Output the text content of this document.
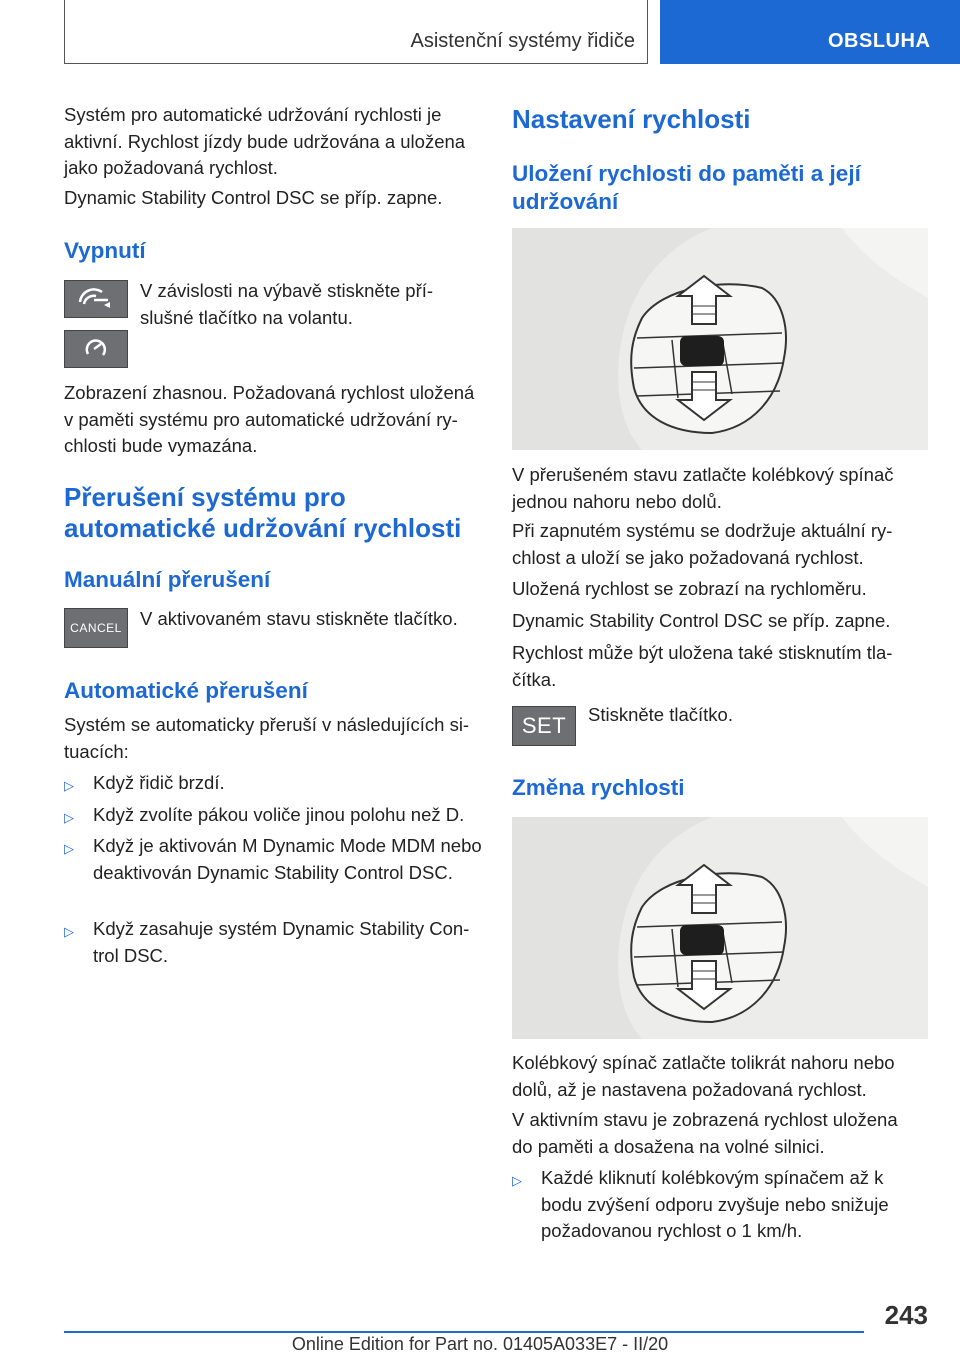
Asistenční systémy řidiče	OBSLUHA

Systém pro automatické udržování rychlosti je aktivní. Rychlost jízdy bude udržována a uložena jako požadovaná rychlost.

Dynamic Stability Control DSC se příp. zapne.

Vypnutí

V závislosti na výbavě stiskněte pří-slušné tlačítko na volantu.

Zobrazení zhasnou. Požadovaná rychlost uložená v paměti systému pro automatické udržování ry-chlosti bude vymazána.

Přerušení systému pro automatické udržování rychlosti
Manuální přerušení
CANCEL V aktivovaném stavu stiskněte tlačítko.

Automatické přerušení

Systém se automaticky přeruší v následujících si-tuacích:

▷	Když řidič brzdí.
▷	Když zvolíte pákou voliče jinou polohu než D.
▷	Když je aktivován M Dynamic Mode MDM nebo deaktivován Dynamic Stability Control DSC.
▷	Když zasahuje systém Dynamic Stability Con-trol DSC.
Nastavení rychlosti
Uložení rychlosti do paměti a její udržování

V přerušeném stavu zatlačte kolébkový spínač jednou nahoru nebo dolů.

Při zapnutém systému se dodržuje aktuální ry-chlost a uloží se jako požadovaná rychlost.

Uložená rychlost se zobrazí na rychloměru.

Dynamic Stability Control DSC se příp. zapne.

Rychlost může být uložena také stisknutím tla-čítka.

SET Stiskněte tlačítko.

Změna rychlosti

Kolébkový spínač zatlačte tolikrát nahoru nebo dolů, až je nastavena požadovaná rychlost.

V aktivním stavu je zobrazená rychlost uložena do paměti a dosažena na volné silnici.

▷	Každé kliknutí kolébkovým spínačem až k bodu zvýšení odporu zvyšuje nebo snižuje požadovanou rychlost o 1 km/h.
243
Online Edition for Part no. 01405A033E7 - II/20
